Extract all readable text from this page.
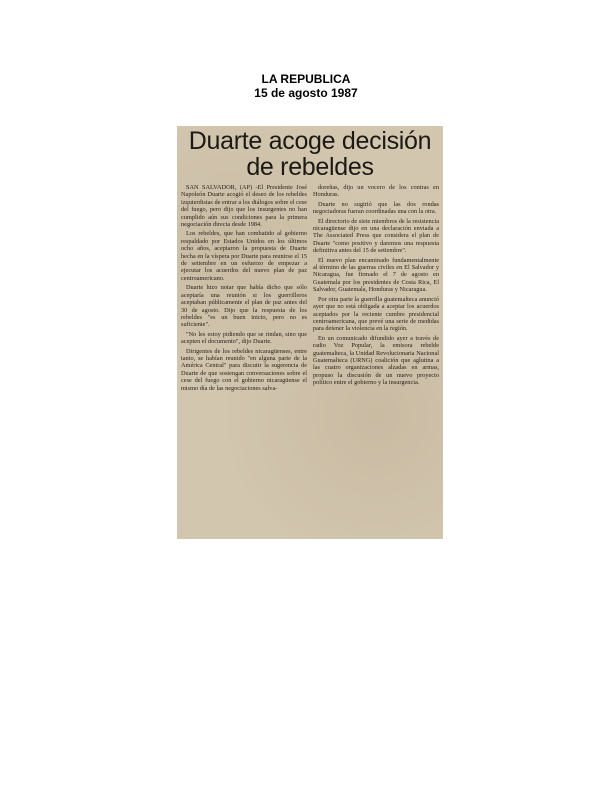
LA REPUBLICA
15 de agosto 1987
Duarte acoge decisión de rebeldes

SAN SALVADOR, (AP) -El Presidente José Napoleón Duarte acogió el deseo de los rebeldes izquierdistas de entrar a los diálogos sobre el cese del fuego, pero dijo que los insurgentes no han cumplido aún sus condiciones para la primera negociación directa desde 1984.

Los rebeldes, que han combatido al gobierno respaldado por Estados Unidos en los últimos ocho años, aceptaron la propuesta de Duarte hecha en la víspera por Duarte para reunirse el 15 de setiembre en un esfuerzo de empezar a ejecutar los acuerdos del nuevo plan de paz centroamericano.

Duarte hizo notar que había dicho que sólo aceptaría una reunión si los guerrilleros aceptaban públicamente el plan de paz antes del 30 de agosto. Dijo que la respuesta de los rebeldes "es un buen inicio, pero no es suficiente".

"No les estoy pidiendo que se rindan, sino que acepten el documento", dijo Duarte.

Dirigentes de los rebeldes nicaragüenses, entre tanto, se habían reunido "en alguna parte de la América Central" para discutir la sugerencia de Duarte de que sostengan conversaciones sobre el cese del fuego con el gobierno nicaragüense el mismo día de las negociaciones salva-

doreñas, dijo un vocero de los contras en Honduras.

Duarte no sugirió que las dos rondas negociadoras fueran coordinadas una con la otra.

El directorio de siete miembros de la resistencia nicaragüense dijo en una declaración enviada a The Associated Press que considera el plan de Duarte "como positivo y daremos una respuesta definitiva antes del 15 de setiembre".

El nuevo plan encaminado fundamentalmente al término de las guerras civiles en El Salvador y Nicaragua, fue firmado el 7 de agosto en Guatemala por los presidentes de Costa Rica, El Salvador, Guatemala, Honduras y Nicaragua.

Por otra parte la guerrilla guatemalteca anunció ayer que no está obligada a aceptar los acuerdos aceptados por la reciente cumbre presidencial centroamericana, que prevé una serie de medidas para detener la violencia en la región.

En un comunicado difundido ayer a través de radio Voz Popular, la emisora rebelde guatemalteca, la Unidad Revolucionaria Nacional Guatemalteca (URNG) coalición que aglutina a las cuatro organizaciones alzadas en armas, propuso la discusión de un nuevo proyecto político entre el gobierno y la insurgencia.
